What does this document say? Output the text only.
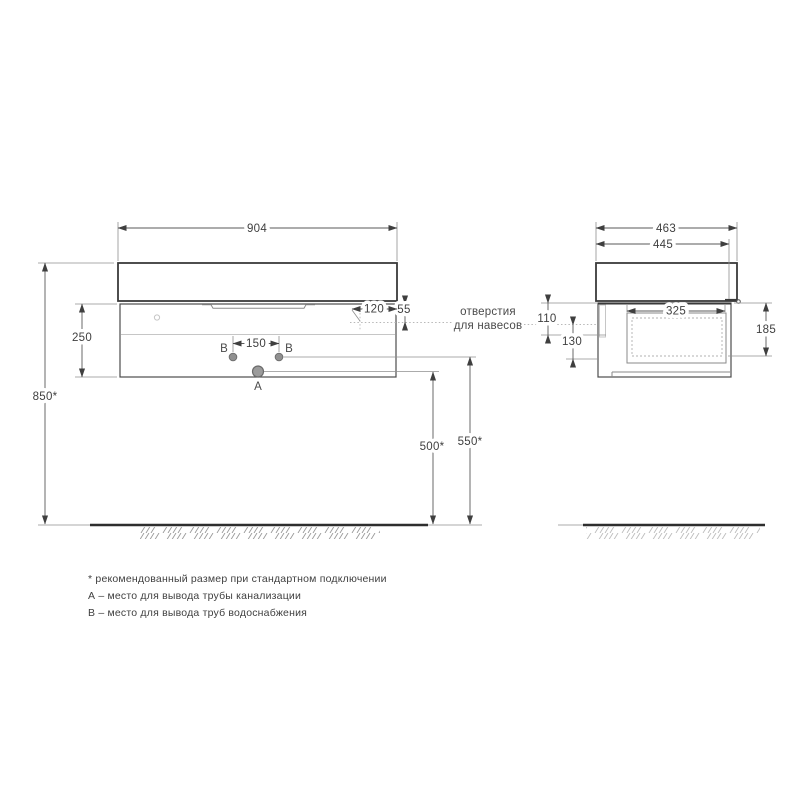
В	В
А
904
850*
250
55
120
150
550*
500*
отверстия
для навесов
463
445
110
130
325
185
* рекомендованный размер при стандартном подключении
А – место для вывода трубы канализации
В – место для вывода труб водоснабжения
